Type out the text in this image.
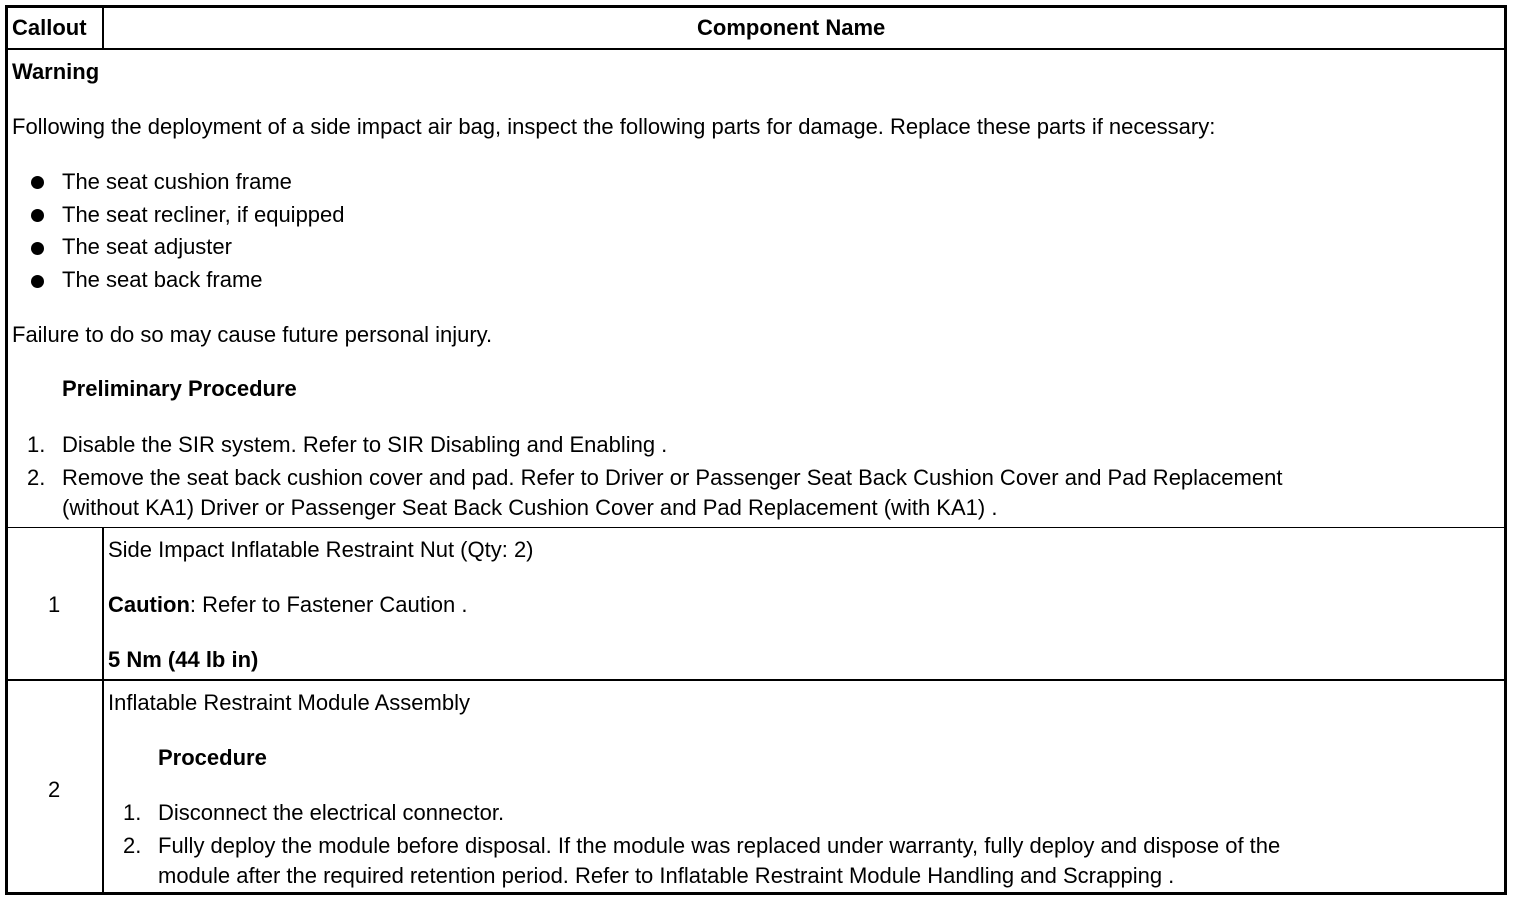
Callout	Component Name
Warning
Following the deployment of a side impact air bag, inspect the following parts for damage. Replace these parts if necessary:
The seat cushion frame
The seat recliner, if equipped
The seat adjuster
The seat back frame
Failure to do so may cause future personal injury.
Preliminary Procedure
1. Disable the SIR system. Refer to SIR Disabling and Enabling .
2. Remove the seat back cushion cover and pad. Refer to Driver or Passenger Seat Back Cushion Cover and Pad Replacement
(without KA1) Driver or Passenger Seat Back Cushion Cover and Pad Replacement (with KA1) .
1
Side Impact Inflatable Restraint Nut (Qty: 2)
Caution: Refer to Fastener Caution .
5 Nm (44 lb in)
2
Inflatable Restraint Module Assembly
Procedure
1. Disconnect the electrical connector.
2. Fully deploy the module before disposal. If the module was replaced under warranty, fully deploy and dispose of the
module after the required retention period. Refer to Inflatable Restraint Module Handling and Scrapping .
